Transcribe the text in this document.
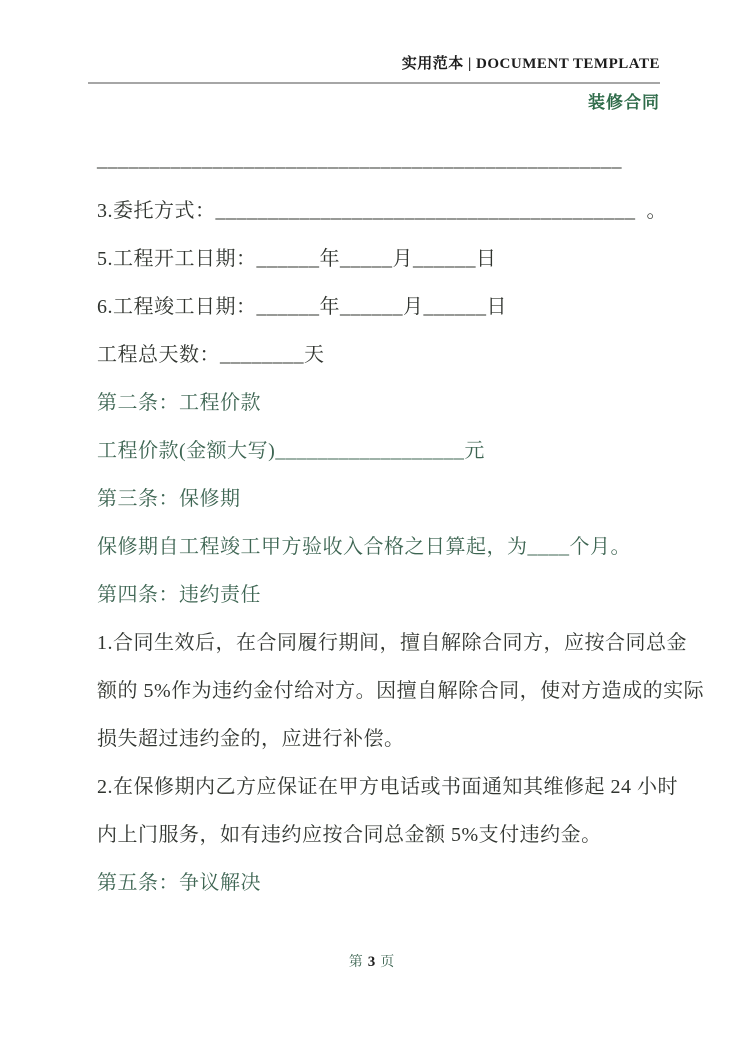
实用范本 | DOCUMENT TEMPLATE
装修合同
__________________________________________________
3.委托方式：________________________________________  。
5.工程开工日期：______年_____月______日
6.工程竣工日期：______年______月______日
工程总天数：________天
第二条：工程价款
工程价款(金额大写)__________________元
第三条：保修期
保修期自工程竣工甲方验收入合格之日算起，为____个月。
第四条：违约责任
1.合同生效后，在合同履行期间，擅自解除合同方，应按合同总金
额的 5%作为违约金付给对方。因擅自解除合同，使对方造成的实际
损失超过违约金的，应进行补偿。
2.在保修期内乙方应保证在甲方电话或书面通知其维修起 24 小时
内上门服务，如有违约应按合同总金额 5%支付违约金。
第五条：争议解决
第 3 页
